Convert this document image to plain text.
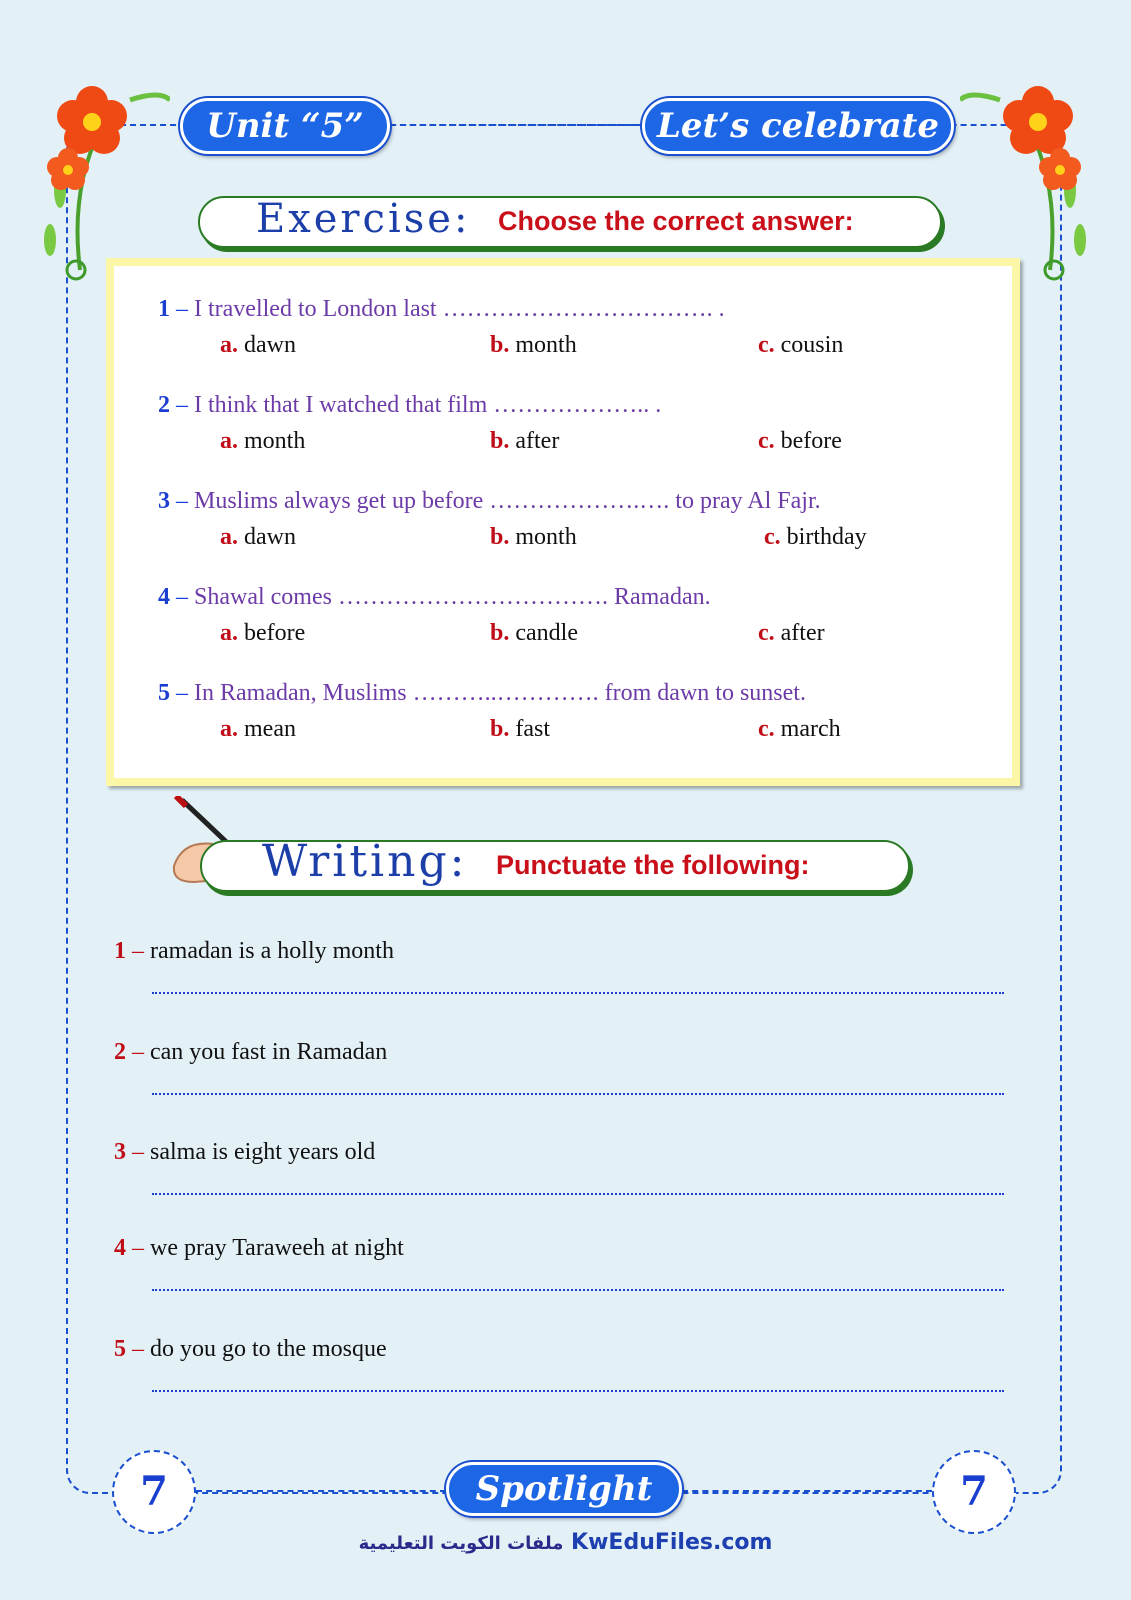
Unit “5”	Let’s celebrate
Exercise: Choose the correct answer:
1 – I travelled to London last ……………………………. .
a. dawn	b. month	c. cousin
2 – I think that I watched that film ……………….. .
a. month	b. after	c. before
3 – Muslims always get up before ……………….…. to pray Al Fajr.
a. dawn	b. month	c. birthday
4 – Shawal comes ……………………………. Ramadan.
a. before	b. candle	c. after
5 – In Ramadan, Muslims ………..…………. from dawn to sunset.
a. mean	b. fast	c. march
Writing: Punctuate the following:
1 – ramadan is a holly month
2 – can you fast in Ramadan
3 – salma is eight years old
4 – we pray Taraweeh at night
5 – do you go to the mosque
7	7
Spotlight
ملفات الكويت التعليمية KwEduFiles.com
